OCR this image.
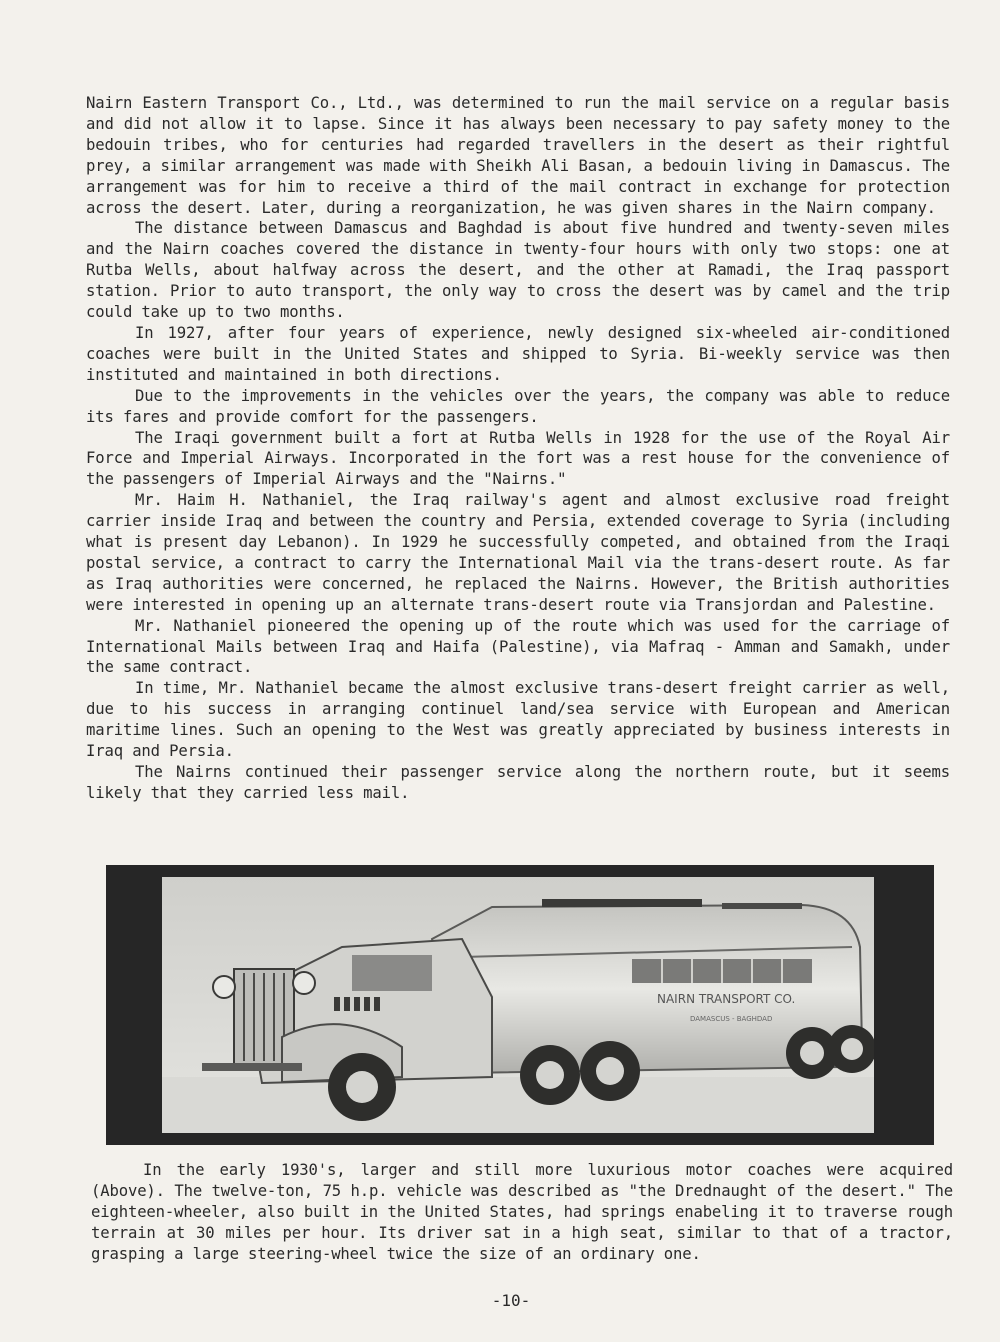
Nairn Eastern Transport Co., Ltd., was determined to run the mail service on a regular basis and did not allow it to lapse. Since it has always been necessary to pay safety money to the bedouin tribes, who for centuries had regarded travellers in the desert as their rightful prey, a similar arrangement was made with Sheikh Ali Basan, a bedouin living in Damascus. The arrangement was for him to receive a third of the mail contract in exchange for protection across the desert. Later, during a reorganization, he was given shares in the Nairn company.

The distance between Damascus and Baghdad is about five hundred and twenty-seven miles and the Nairn coaches covered the distance in twenty-four hours with only two stops: one at Rutba Wells, about halfway across the desert, and the other at Ramadi, the Iraq passport station. Prior to auto transport, the only way to cross the desert was by camel and the trip could take up to two months.

In 1927, after four years of experience, newly designed six-wheeled air-conditioned coaches were built in the United States and shipped to Syria. Bi-weekly service was then instituted and maintained in both directions.

Due to the improvements in the vehicles over the years, the company was able to reduce its fares and provide comfort for the passengers.

The Iraqi government built a fort at Rutba Wells in 1928 for the use of the Royal Air Force and Imperial Airways. Incorporated in the fort was a rest house for the convenience of the passengers of Imperial Airways and the "Nairns."

Mr. Haim H. Nathaniel, the Iraq railway's agent and almost exclusive road freight carrier inside Iraq and between the country and Persia, extended coverage to Syria (including what is present day Lebanon). In 1929 he successfully competed, and obtained from the Iraqi postal service, a contract to carry the International Mail via the trans-desert route. As far as Iraq authorities were concerned, he replaced the Nairns. However, the British authorities were interested in opening up an alternate trans-desert route via Transjordan and Palestine.

Mr. Nathaniel pioneered the opening up of the route which was used for the carriage of International Mails between Iraq and Haifa (Palestine), via Mafraq - Amman and Samakh, under the same contract.

In time, Mr. Nathaniel became the almost exclusive trans-desert freight carrier as well, due to his success in arranging continuel land/sea service with European and American maritime lines. Such an opening to the West was greatly appreciated by business interests in Iraq and Persia.

The Nairns continued their passenger service along the northern route, but it seems likely that they carried less mail.

NAIRN TRANSPORT CO.
DAMASCUS - BAGHDAD

In the early 1930's, larger and still more luxurious motor coaches were acquired (Above). The twelve-ton, 75 h.p. vehicle was described as "the Drednaught of the desert." The eighteen-wheeler, also built in the United States, had springs enabeling it to traverse rough terrain at 30 miles per hour. Its driver sat in a high seat, similar to that of a tractor, grasping a large steering-wheel twice the size of an ordinary one.

-10-
